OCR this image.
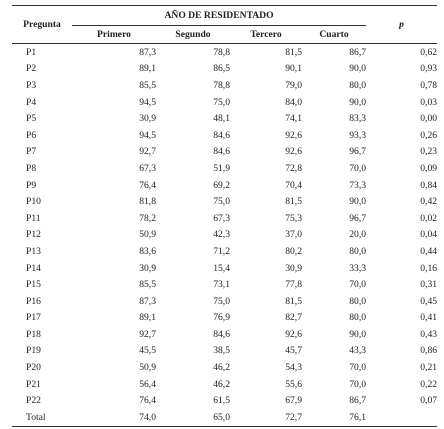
Pregunta	AÑO DE RESIDENTADO				p
	Primero	Segundo	Tercero	Cuarto	
P1	87,3	78,8	81,5	86,7	0,62
P2	89,1	86,5	90,1	90,0	0,93
P3	85,5	78,8	79,0	80,0	0,78
P4	94,5	75,0	84,0	90,0	0,03
P5	30,9	48,1	74,1	83,3	0,00
P6	94,5	84,6	92,6	93,3	0,26
P7	92,7	84,6	92,6	96,7	0,23
P8	67,3	51,9	72,8	70,0	0,09
P9	76,4	69,2	70,4	73,3	0,84
P10	81,8	75,0	81,5	90,0	0,42
P11	78,2	67,3	75,3	96,7	0,02
P12	50,9	42,3	37,0	20,0	0,04
P13	83,6	71,2	80,2	80,0	0,44
P14	30,9	15,4	30,9	33,3	0,16
P15	85,5	73,1	77,8	70,0	0,31
P16	87,3	75,0	81,5	80,0	0,45
P17	89,1	76,9	82,7	80,0	0,41
P18	92,7	84,6	92,6	90,0	0,43
P19	45,5	38,5	45,7	43,3	0,86
P20	50,9	46,2	54,3	70,0	0,21
P21	56,4	46,2	55,6	70,0	0,22
P22	76,4	61,5	67,9	86,7	0,07
Total	74,0	65,0	72,7	76,1	
